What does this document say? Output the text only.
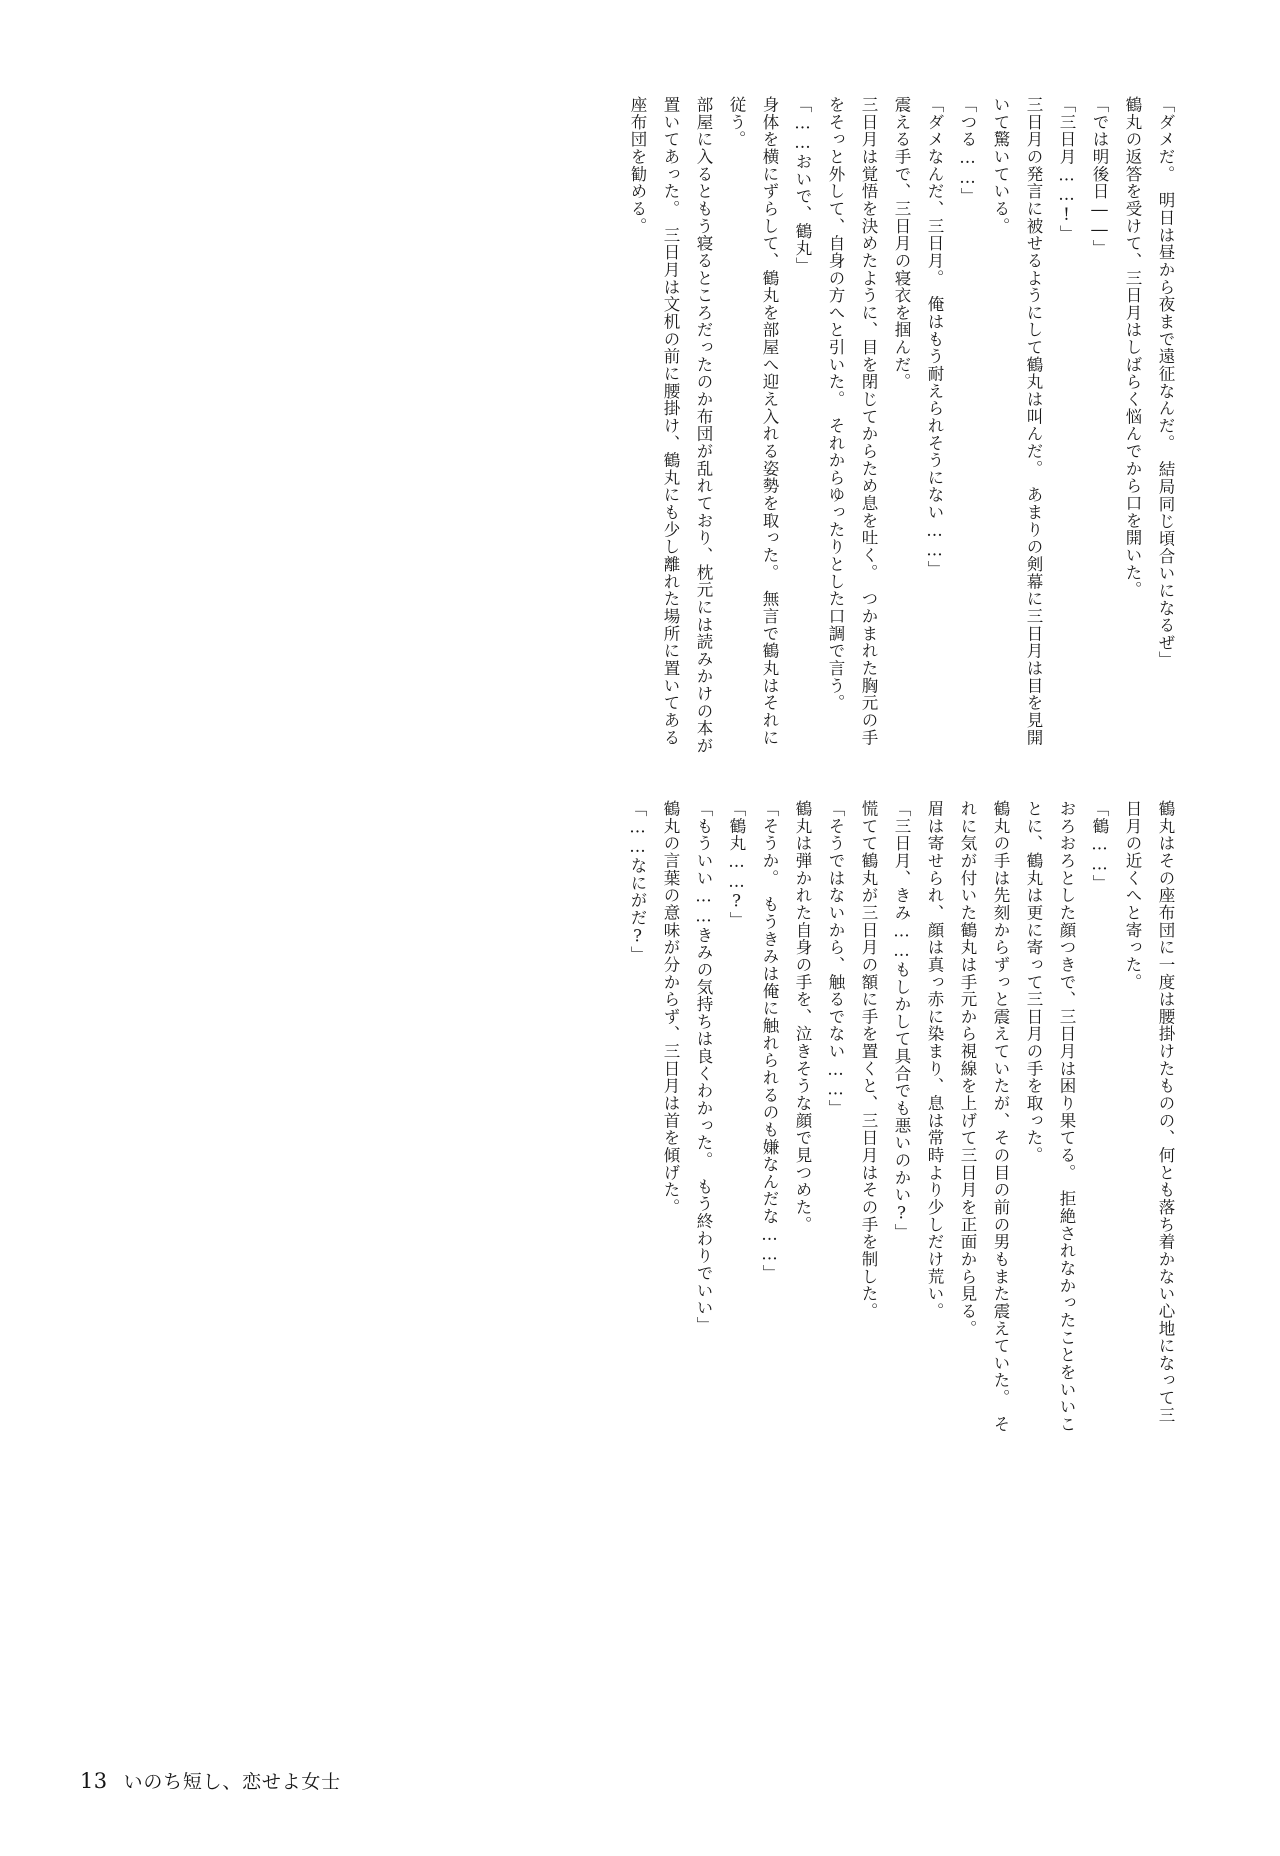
「ダメだ。　明日は昼から夜まで遠征なんだ。　結局同じ頃合いになるぜ」
鶴丸の返答を受けて、三日月はしばらく悩んでから口を開いた。
「では明後日――」
「三日月……!」
三日月の発言に被せるようにして鶴丸は叫んだ。　あまりの剣幕に三日月は目を見開いて驚いている。
「つる……」
「ダメなんだ、三日月。　俺はもう耐えられそうにない……」
震える手で、三日月の寝衣を掴んだ。
三日月は覚悟を決めたように、目を閉じてからため息を吐く。　つかまれた胸元の手をそっと外して、自身の方へと引いた。　それからゆったりとした口調で言う。
「……おいで、鶴丸」
身体を横にずらして、鶴丸を部屋へ迎え入れる姿勢を取った。　無言で鶴丸はそれに従う。
部屋に入るともう寝るところだったのか布団が乱れており、枕元には読みかけの本が置いてあった。　三日月は文机の前に腰掛け、鶴丸にも少し離れた場所に置いてある座布団を勧める。
鶴丸はその座布団に一度は腰掛けたものの、何とも落ち着かない心地になって三日月の近くへと寄った。
「鶴……」
おろおろとした顔つきで、三日月は困り果てる。　拒絶されなかったことをいいことに、鶴丸は更に寄って三日月の手を取った。
鶴丸の手は先刻からずっと震えていたが、その目の前の男もまた震えていた。　それに気が付いた鶴丸は手元から視線を上げて三日月を正面から見る。
眉は寄せられ、顔は真っ赤に染まり、息は常時より少しだけ荒い。
「三日月、きみ……もしかして具合でも悪いのかい?」
慌てて鶴丸が三日月の額に手を置くと、三日月はその手を制した。
「そうではないから、触るでない……」
鶴丸は弾かれた自身の手を、泣きそうな顔で見つめた。
「そうか。　もうきみは俺に触れられるのも嫌なんだな……」
「鶴丸……?」
「もういい……きみの気持ちは良くわかった。　もう終わりでいい」
鶴丸の言葉の意味が分からず、三日月は首を傾げた。
「……なにがだ?」
13 いのち短し、恋せよ女士
